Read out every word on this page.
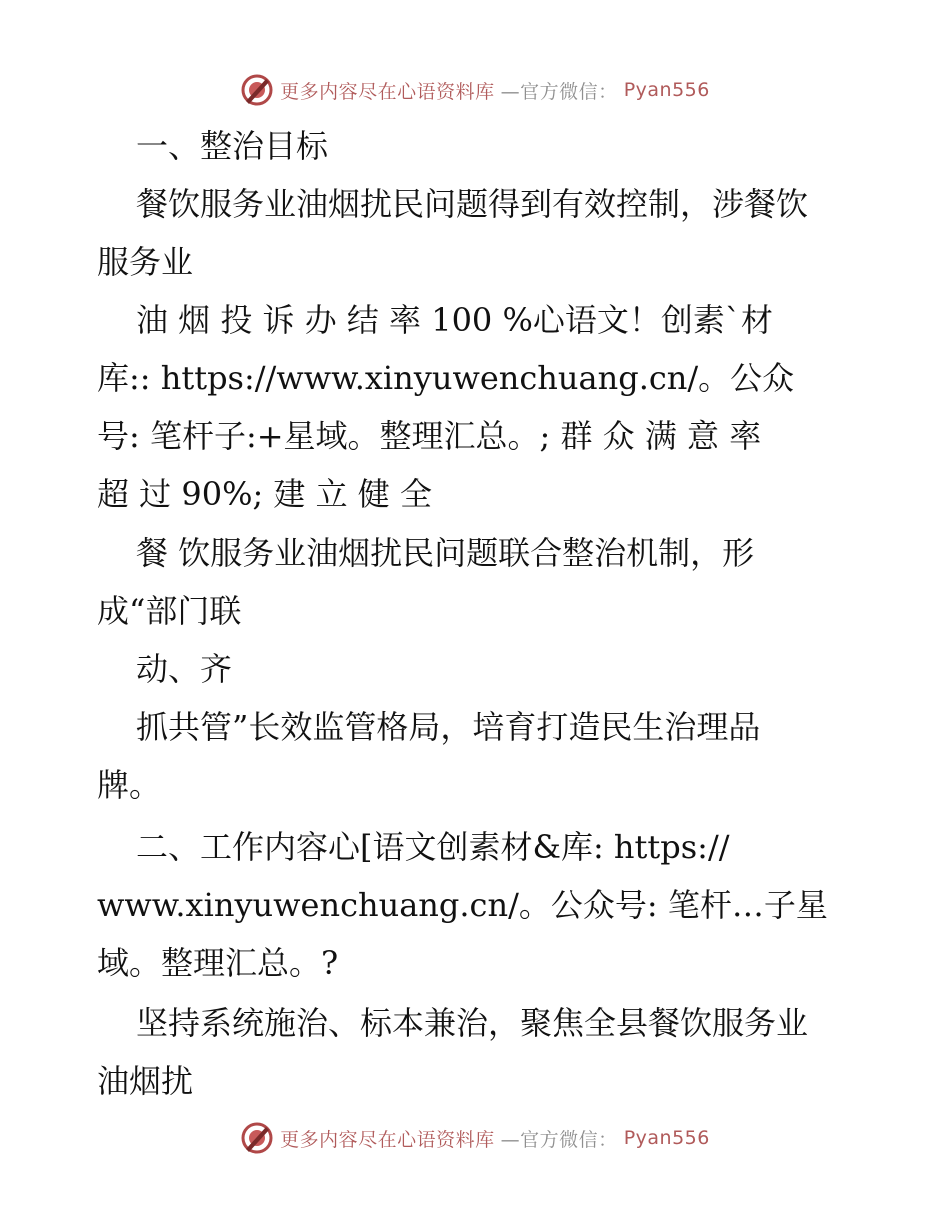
更多内容尽在心语资料库 —官方微信： Pyan556
一、整治目标
餐饮服务业油烟扰民问题得到有效控制，涉餐饮
服务业
油 烟 投 诉 办 结 率 100 %心语文！创素`材
库:: https://www.xinyuwenchuang.cn/。公众
号: 笔杆子:+星域。整理汇总。; 群 众 满 意 率
超 过 90%; 建 立 健 全
餐 饮服务业油烟扰民问题联合整治机制，形
成“部门联
动、齐
抓共管”长效监管格局，培育打造民生治理品
牌。
二、工作内容心[语文创素材&库: https://
www.xinyuwenchuang.cn/。公众号: 笔杆…子星
域。整理汇总。?
坚持系统施治、标本兼治，聚焦全县餐饮服务业
油烟扰
更多内容尽在心语资料库 —官方微信： Pyan556
